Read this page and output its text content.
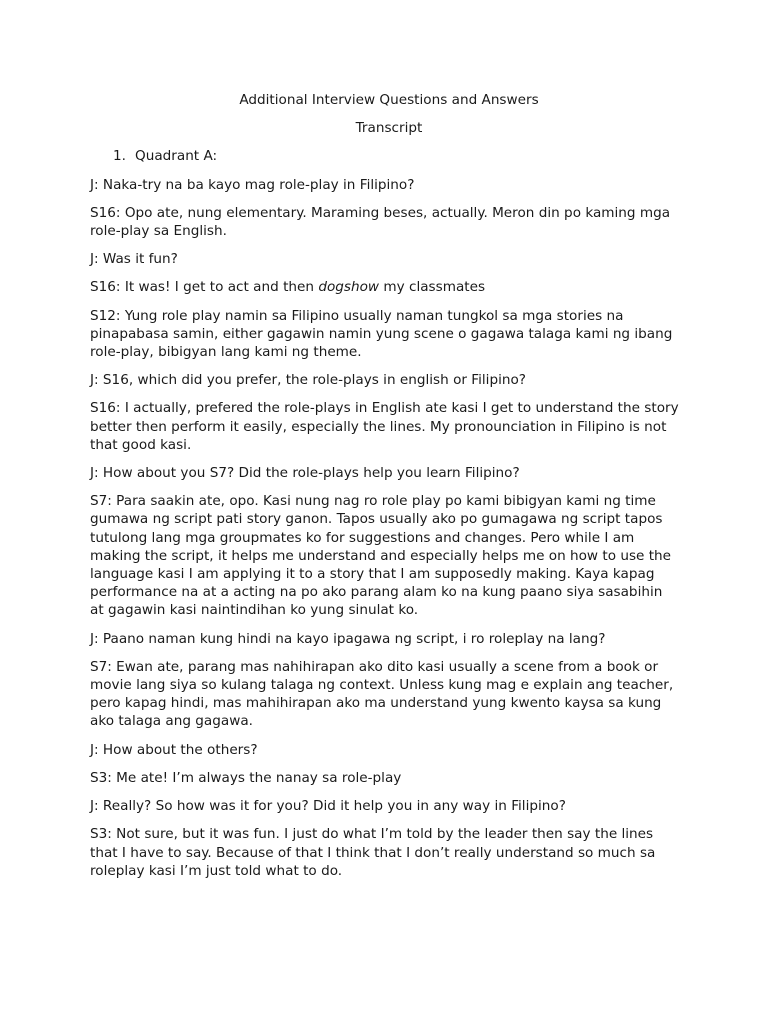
Additional Interview Questions and Answers

Transcript

1. Quadrant A:

J: Naka-try na ba kayo mag role-play in Filipino?

S16: Opo ate, nung elementary. Maraming beses, actually. Meron din po kaming mga role-play sa English.

J: Was it fun?

S16: It was! I get to act and then dogshow my classmates

S12: Yung role play namin sa Filipino usually naman tungkol sa mga stories na pinapabasa samin, either gagawin namin yung scene o gagawa talaga kami ng ibang role-play, bibigyan lang kami ng theme.

J: S16, which did you prefer, the role-plays in english or Filipino?

S16: I actually, prefered the role-plays in English ate kasi I get to understand the story better then perform it easily, especially the lines. My pronounciation in Filipino is not that good kasi.

J: How about you S7? Did the role-plays help you learn Filipino?

S7: Para saakin ate, opo. Kasi nung nag ro role play po kami bibigyan kami ng time gumawa ng script pati story ganon. Tapos usually ako po gumagawa ng script tapos tutulong lang mga groupmates ko for suggestions and changes. Pero while I am making the script, it helps me understand and especially helps me on how to use the language kasi I am applying it to a story that I am supposedly making. Kaya kapag performance na at a acting na po ako parang alam ko na kung paano siya sasabihin at gagawin kasi naintindihan ko yung sinulat ko.

J: Paano naman kung hindi na kayo ipagawa ng script, i ro roleplay na lang?

S7: Ewan ate, parang mas nahihirapan ako dito kasi usually a scene from a book or movie lang siya so kulang talaga ng context. Unless kung mag e explain ang teacher, pero kapag hindi, mas mahihirapan ako ma understand yung kwento kaysa sa kung ako talaga ang gagawa.

J: How about the others?

S3: Me ate! I’m always the nanay sa role-play

J: Really? So how was it for you? Did it help you in any way in Filipino?

S3: Not sure, but it was fun. I just do what I’m told by the leader then say the lines that I have to say. Because of that I think that I don’t really understand so much sa roleplay kasi I’m just told what to do.
